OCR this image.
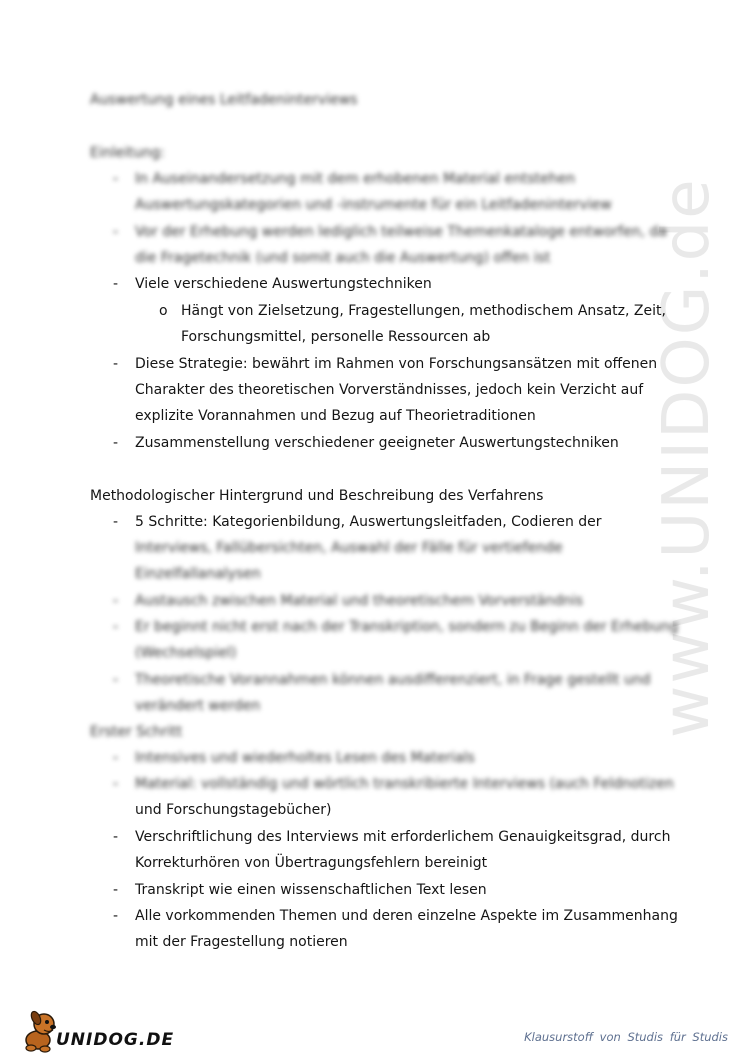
www.UNIDOG.de
Auswertung eines Leitfadeninterviews
Einleitung:
- In Auseinandersetzung mit dem erhobenen Material entstehen
Auswertungskategorien und -instrumente für ein Leitfadeninterview
- Vor der Erhebung werden lediglich teilweise Themenkataloge entworfen, da
die Fragetechnik (und somit auch die Auswertung) offen ist
- Viele verschiedene Auswertungstechniken
o Hängt von Zielsetzung, Fragestellungen, methodischem Ansatz, Zeit,
Forschungsmittel, personelle Ressourcen ab
- Diese Strategie: bewährt im Rahmen von Forschungsansätzen mit offenen
Charakter des theoretischen Vorverständnisses, jedoch kein Verzicht auf
explizite Vorannahmen und Bezug auf Theorietraditionen
- Zusammenstellung verschiedener geeigneter Auswertungstechniken
Methodologischer Hintergrund und Beschreibung des Verfahrens
- 5 Schritte: Kategorienbildung, Auswertungsleitfaden, Codieren der
Interviews, Fallübersichten, Auswahl der Fälle für vertiefende
Einzelfallanalysen
- Austausch zwischen Material und theoretischem Vorverständnis
- Er beginnt nicht erst nach der Transkription, sondern zu Beginn der Erhebung
(Wechselspiel)
- Theoretische Vorannahmen können ausdifferenziert, in Frage gestellt und
verändert werden
Erster Schritt
- Intensives und wiederholtes Lesen des Materials
- Material: vollständig und wörtlich transkribierte Interviews (auch Feldnotizen
und Forschungstagebücher)
- Verschriftlichung des Interviews mit erforderlichem Genauigkeitsgrad, durch
Korrekturhören von Übertragungsfehlern bereinigt
- Transkript wie einen wissenschaftlichen Text lesen
- Alle vorkommenden Themen und deren einzelne Aspekte im Zusammenhang
mit der Fragestellung notieren
UNIDOG.DE	Klausurstoff von Studis für Studis
